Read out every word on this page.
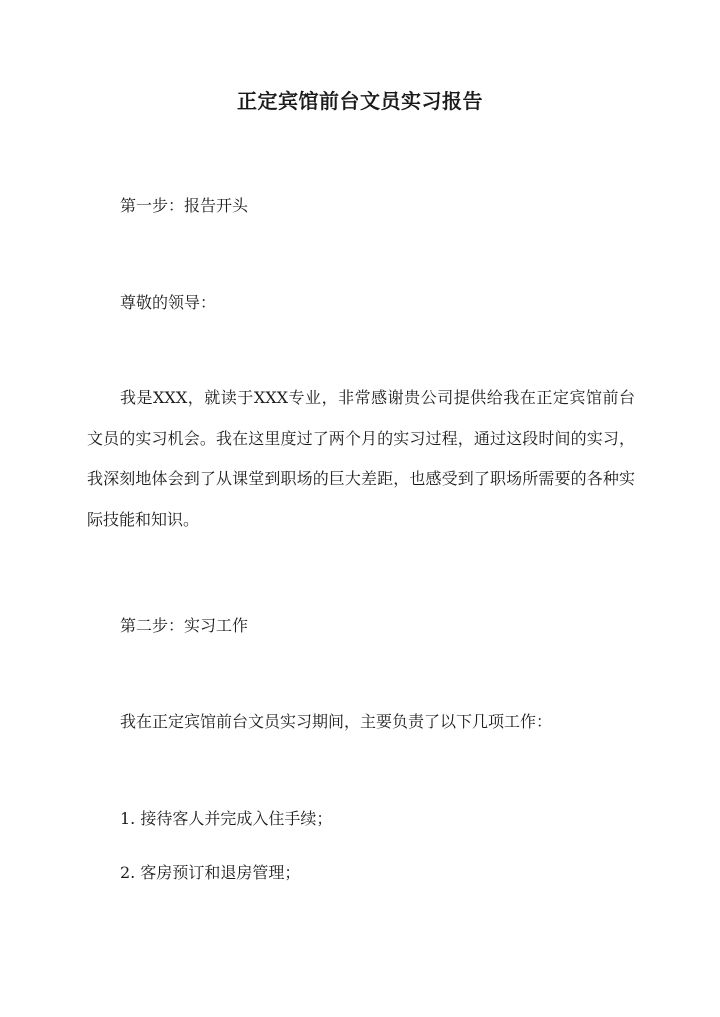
正定宾馆前台文员实习报告
第一步：报告开头
尊敬的领导：
我是XXX，就读于XXX专业，非常感谢贵公司提供给我在正定宾馆前台文员的实习机会。我在这里度过了两个月的实习过程，通过这段时间的实习，我深刻地体会到了从课堂到职场的巨大差距，也感受到了职场所需要的各种实际技能和知识。
第二步：实习工作
我在正定宾馆前台文员实习期间，主要负责了以下几项工作：
1. 接待客人并完成入住手续；
2. 客房预订和退房管理；
